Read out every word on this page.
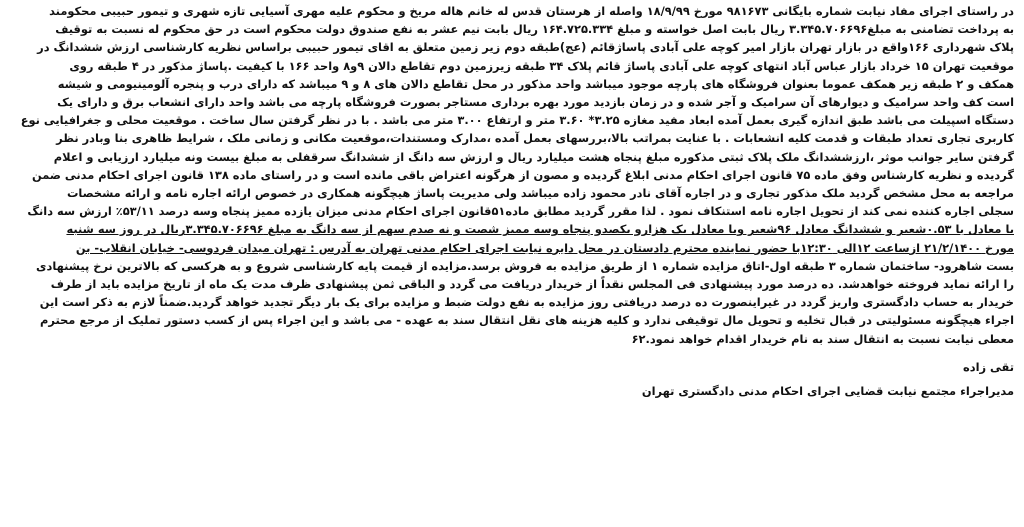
در راستای اجرای مفاد نیابت شماره بایگانی ۹۸۱۶۷۳ مورخ ۱۸/۹/۹۹ واصله از هرستان قدس له خانم هاله مریخ و محکوم علیه مهری آسیایی تازه شهری و تیمور حبیبی محکومند

به پرداخت تضامنی به مبلغ۳.۳۴۵.۷۰۶۶۹۶ ریال بابت اصل خواسته و مبلغ ۱۶۴.۷۲۵.۳۳۴ ریال بابت نیم عشر به نفع صندوق دولت محکوم است در حق محکوم له نسبت به توقیف

پلاک شهرداری ۱۶۶واقع در بازار تهران بازار امیر کوچه علی آبادی پاساژقائم (عج)طبقه دوم زیر زمین متعلق به اقای تیمور حبیبی براساس نظریه کارشناسی ارزش ششدانگ در

موقعیت تهران ۱۵ خرداد بازار عباس آباد انتهای کوچه علی آبادی پاساژ قائم پلاک ۳۴ طبقه زیرزمین دوم تقاطع دالان ۹و۸ واحد ۱۶۶ با کیفیت .پاساژ مذکور در ۴ طبقه روی

همکف و ۲ طبقه زیر همکف عموما بعنوان فروشگاه های پارچه موجود میباشد واحد مذکور در محل تقاطع دالان های ۸ و ۹ میباشد که دارای درب و پنجره آلومینیومی و شیشه

است کف واحد سرامیک و دیوارهای آن سرامیک و آجر شده و در زمان بازدید مورد بهره برداری مستاجر بصورت فروشگاه پارچه می باشد واحد دارای انشعاب برق و دارای یک

دستگاه اسپیلت می باشد طبق اندازه گیری بعمل آمده ابعاد مفید مغازه ۳.۲۵* ۳.۶۰ متر و ارتفاع ۳.۰۰ متر می باشد . با در نظر گرفتن سال ساخت . موقعیت محلی و جغرافیایی نوع

کاربری تجاری تعداد طبقات و قدمت کلیه انشعابات . با عنایت بمراتب بالا،بررسهای بعمل آمده ،مدارک ومستندات،موقعیت مکانی و زمانی ملک ، شرایط ظاهری بنا وبادر نظر

گرفتن سایر جوانب موثر ،ارزششدانگ ملک پلاک ثبتی مذکوره مبلغ پنجاه هشت میلیارد ریال و ارزش سه دانگ از ششدانگ سرقفلی به مبلغ بیست ونه میلیارد ارزیابی و اعلام

گردیده و نظریه کارشناس وفق ماده ۷۵ قانون اجرای احکام مدنی ابلاغ گردیده و مصون از هرگونه اعتراض باقی مانده است و در راستای ماده ۱۳۸ قانون اجرای احکام مدنی ضمن

مراجعه به محل مشخص گردید ملک مذکور تجاری و در اجاره آقای نادر محمود زاده میباشد ولی مدیریت پاساژ هیچگونه همکاری در خصوص ارائه اجاره نامه و ارائه مشخصات

سجلی اجاره کننده نمی کند از تحویل اجاره نامه استنکاف نمود . لذا مقرر گردید مطابق ماده۵۱قانون اجرای احکام مدنی میزان یازده ممیز پنجاه وسه درصد ۵۳/۱۱٪ ارزش سه دانگ

یا معادل با ۰.۵۳شعیر و ششدانگ معادل ۹۶شعیر ویا معادل یک هزارو یکصدو پنجاه وسه ممیز شصت و نه صدم سهم از سه دانگ به مبلغ ۳.۳۴۵.۷۰۶۶۹۶ریال در روز سه شنبه

مورخ ۲۱/۲/۱۴۰۰ ازساعت ۱۲الی ۱۲:۳۰با حضور نماینده محترم دادستان در محل دایره نیابت اجرای احکام مدنی تهران به آدرس : تهران میدان فردوسی- خیابان انقلاب- بن

بست شاهرود- ساختمان شماره ۳ طبقه اول-اتاق مزایده شماره ۱ از طریق مزایده به فروش برسد.مزایده از قیمت پایه کارشناسی شروع و به هرکسی که بالاترین نرخ پیشنهادی

را ارائه نماید فروخته خواهدشد. ده درصد مورد پیشنهادی فی المجلس نقداً از خریدار دریافت می گردد و الباقی ثمن پیشنهادی ظرف مدت یک ماه از تاریخ مزایده باید از طرف

خریدار به حساب دادگستری واریز گردد در غیراینصورت ده درصد دریافتی روز مزایده به نفع دولت ضبط و مزایده برای یک بار دیگر تجدید خواهد گردید.ضمناً لازم به ذکر است این

اجراء هیچگونه مسئولیتی در قبال تخلیه و تحویل مال توقیفی ندارد و کلیه هزینه های نقل انتقال سند به عهده - می باشد و این اجراء پس از کسب دستور تملیک از مرجع محترم

معطی نیابت نسبت به انتقال سند به نام خریدار اقدام خواهد نمود.۶۲

تقی زاده
مدیراجراء مجتمع نیابت قضایی اجرای احکام مدنی دادگستری تهران
